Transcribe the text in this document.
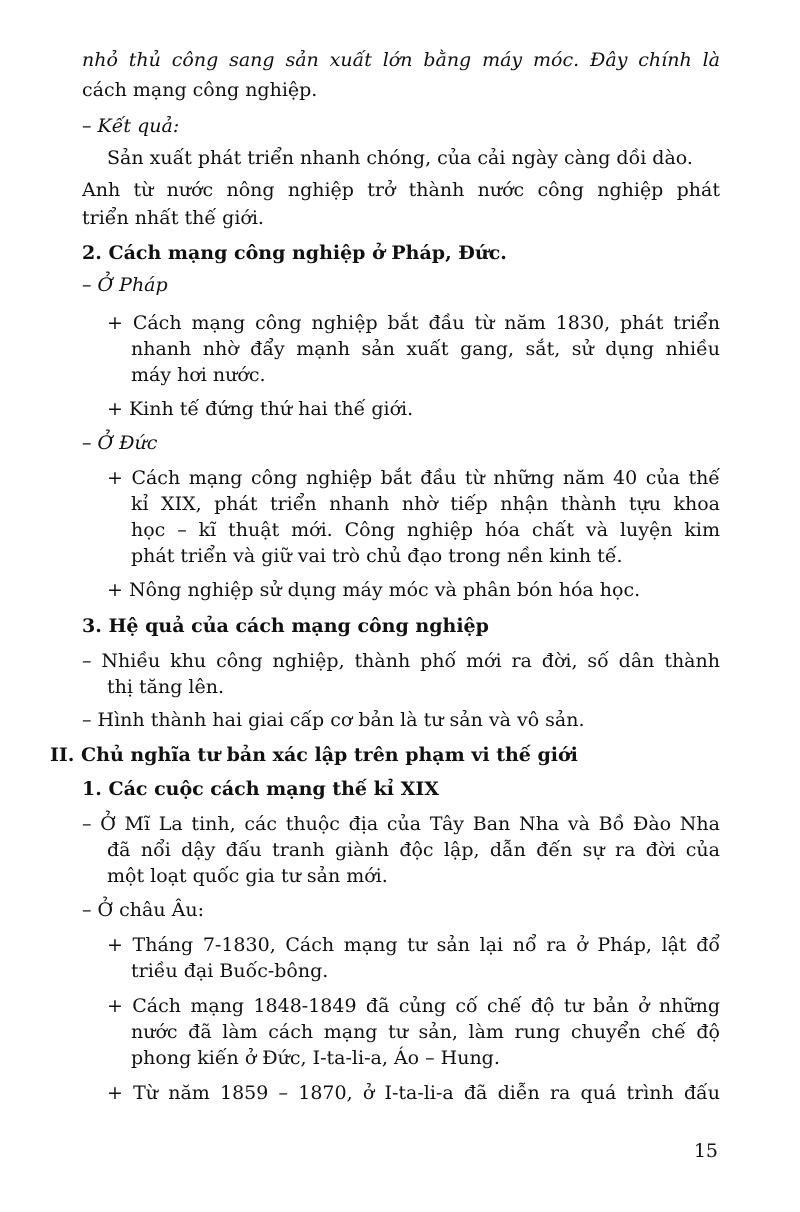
nhỏ thủ công sang sản xuất lớn bằng máy móc. Đây chính là

cách mạng công nghiệp.

– Kết quả:

Sản xuất phát triển nhanh chóng, của cải ngày càng dồi dào.

Anh từ nước nông nghiệp trở thành nước công nghiệp phát

triển nhất thế giới.

2. Cách mạng công nghiệp ở Pháp, Đức.

– Ở Pháp

+ Cách mạng công nghiệp bắt đầu từ năm 1830, phát triển

nhanh nhờ đẩy mạnh sản xuất gang, sắt, sử dụng nhiều

máy hơi nước.

+ Kinh tế đứng thứ hai thế giới.

– Ở Đức

+ Cách mạng công nghiệp bắt đầu từ những năm 40 của thế

kỉ XIX, phát triển nhanh nhờ tiếp nhận thành tựu khoa

học – kĩ thuật mới. Công nghiệp hóa chất và luyện kim

phát triển và giữ vai trò chủ đạo trong nền kinh tế.

+ Nông nghiệp sử dụng máy móc và phân bón hóa học.

3. Hệ quả của cách mạng công nghiệp

– Nhiều khu công nghiệp, thành phố mới ra đời, số dân thành

thị tăng lên.

– Hình thành hai giai cấp cơ bản là tư sản và vô sản.

II. Chủ nghĩa tư bản xác lập trên phạm vi thế giới

1. Các cuộc cách mạng thế kỉ XIX

– Ở Mĩ La tinh, các thuộc địa của Tây Ban Nha và Bồ Đào Nha

đã nổi dậy đấu tranh giành độc lập, dẫn đến sự ra đời của

một loạt quốc gia tư sản mới.

– Ở châu Âu:

+ Tháng 7-1830, Cách mạng tư sản lại nổ ra ở Pháp, lật đổ

triều đại Buốc-bông.

+ Cách mạng 1848-1849 đã củng cố chế độ tư bản ở những

nước đã làm cách mạng tư sản, làm rung chuyển chế độ

phong kiến ở Đức, I-ta-li-a, Áo – Hung.

+ Từ năm 1859 – 1870, ở I-ta-li-a đã diễn ra quá trình đấu

15
